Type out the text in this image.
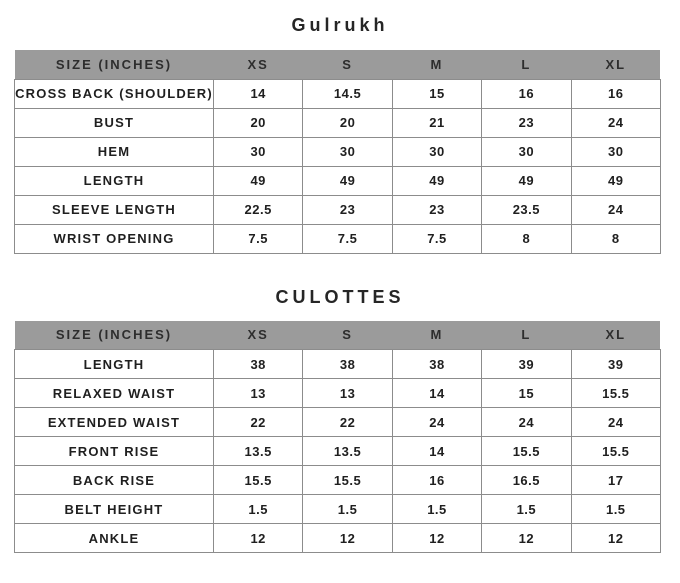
Gulrukh
SIZE (INCHES)	XS	S	M	L	XL
CROSS BACK (SHOULDER)	14	14.5	15	16	16
BUST	20	20	21	23	24
HEM	30	30	30	30	30
LENGTH	49	49	49	49	49
SLEEVE LENGTH	22.5	23	23	23.5	24
WRIST OPENING	7.5	7.5	7.5	8	8
CULOTTES
SIZE (INCHES)	XS	S	M	L	XL
LENGTH	38	38	38	39	39
RELAXED WAIST	13	13	14	15	15.5
EXTENDED WAIST	22	22	24	24	24
FRONT RISE	13.5	13.5	14	15.5	15.5
BACK RISE	15.5	15.5	16	16.5	17
BELT HEIGHT	1.5	1.5	1.5	1.5	1.5
ANKLE	12	12	12	12	12
